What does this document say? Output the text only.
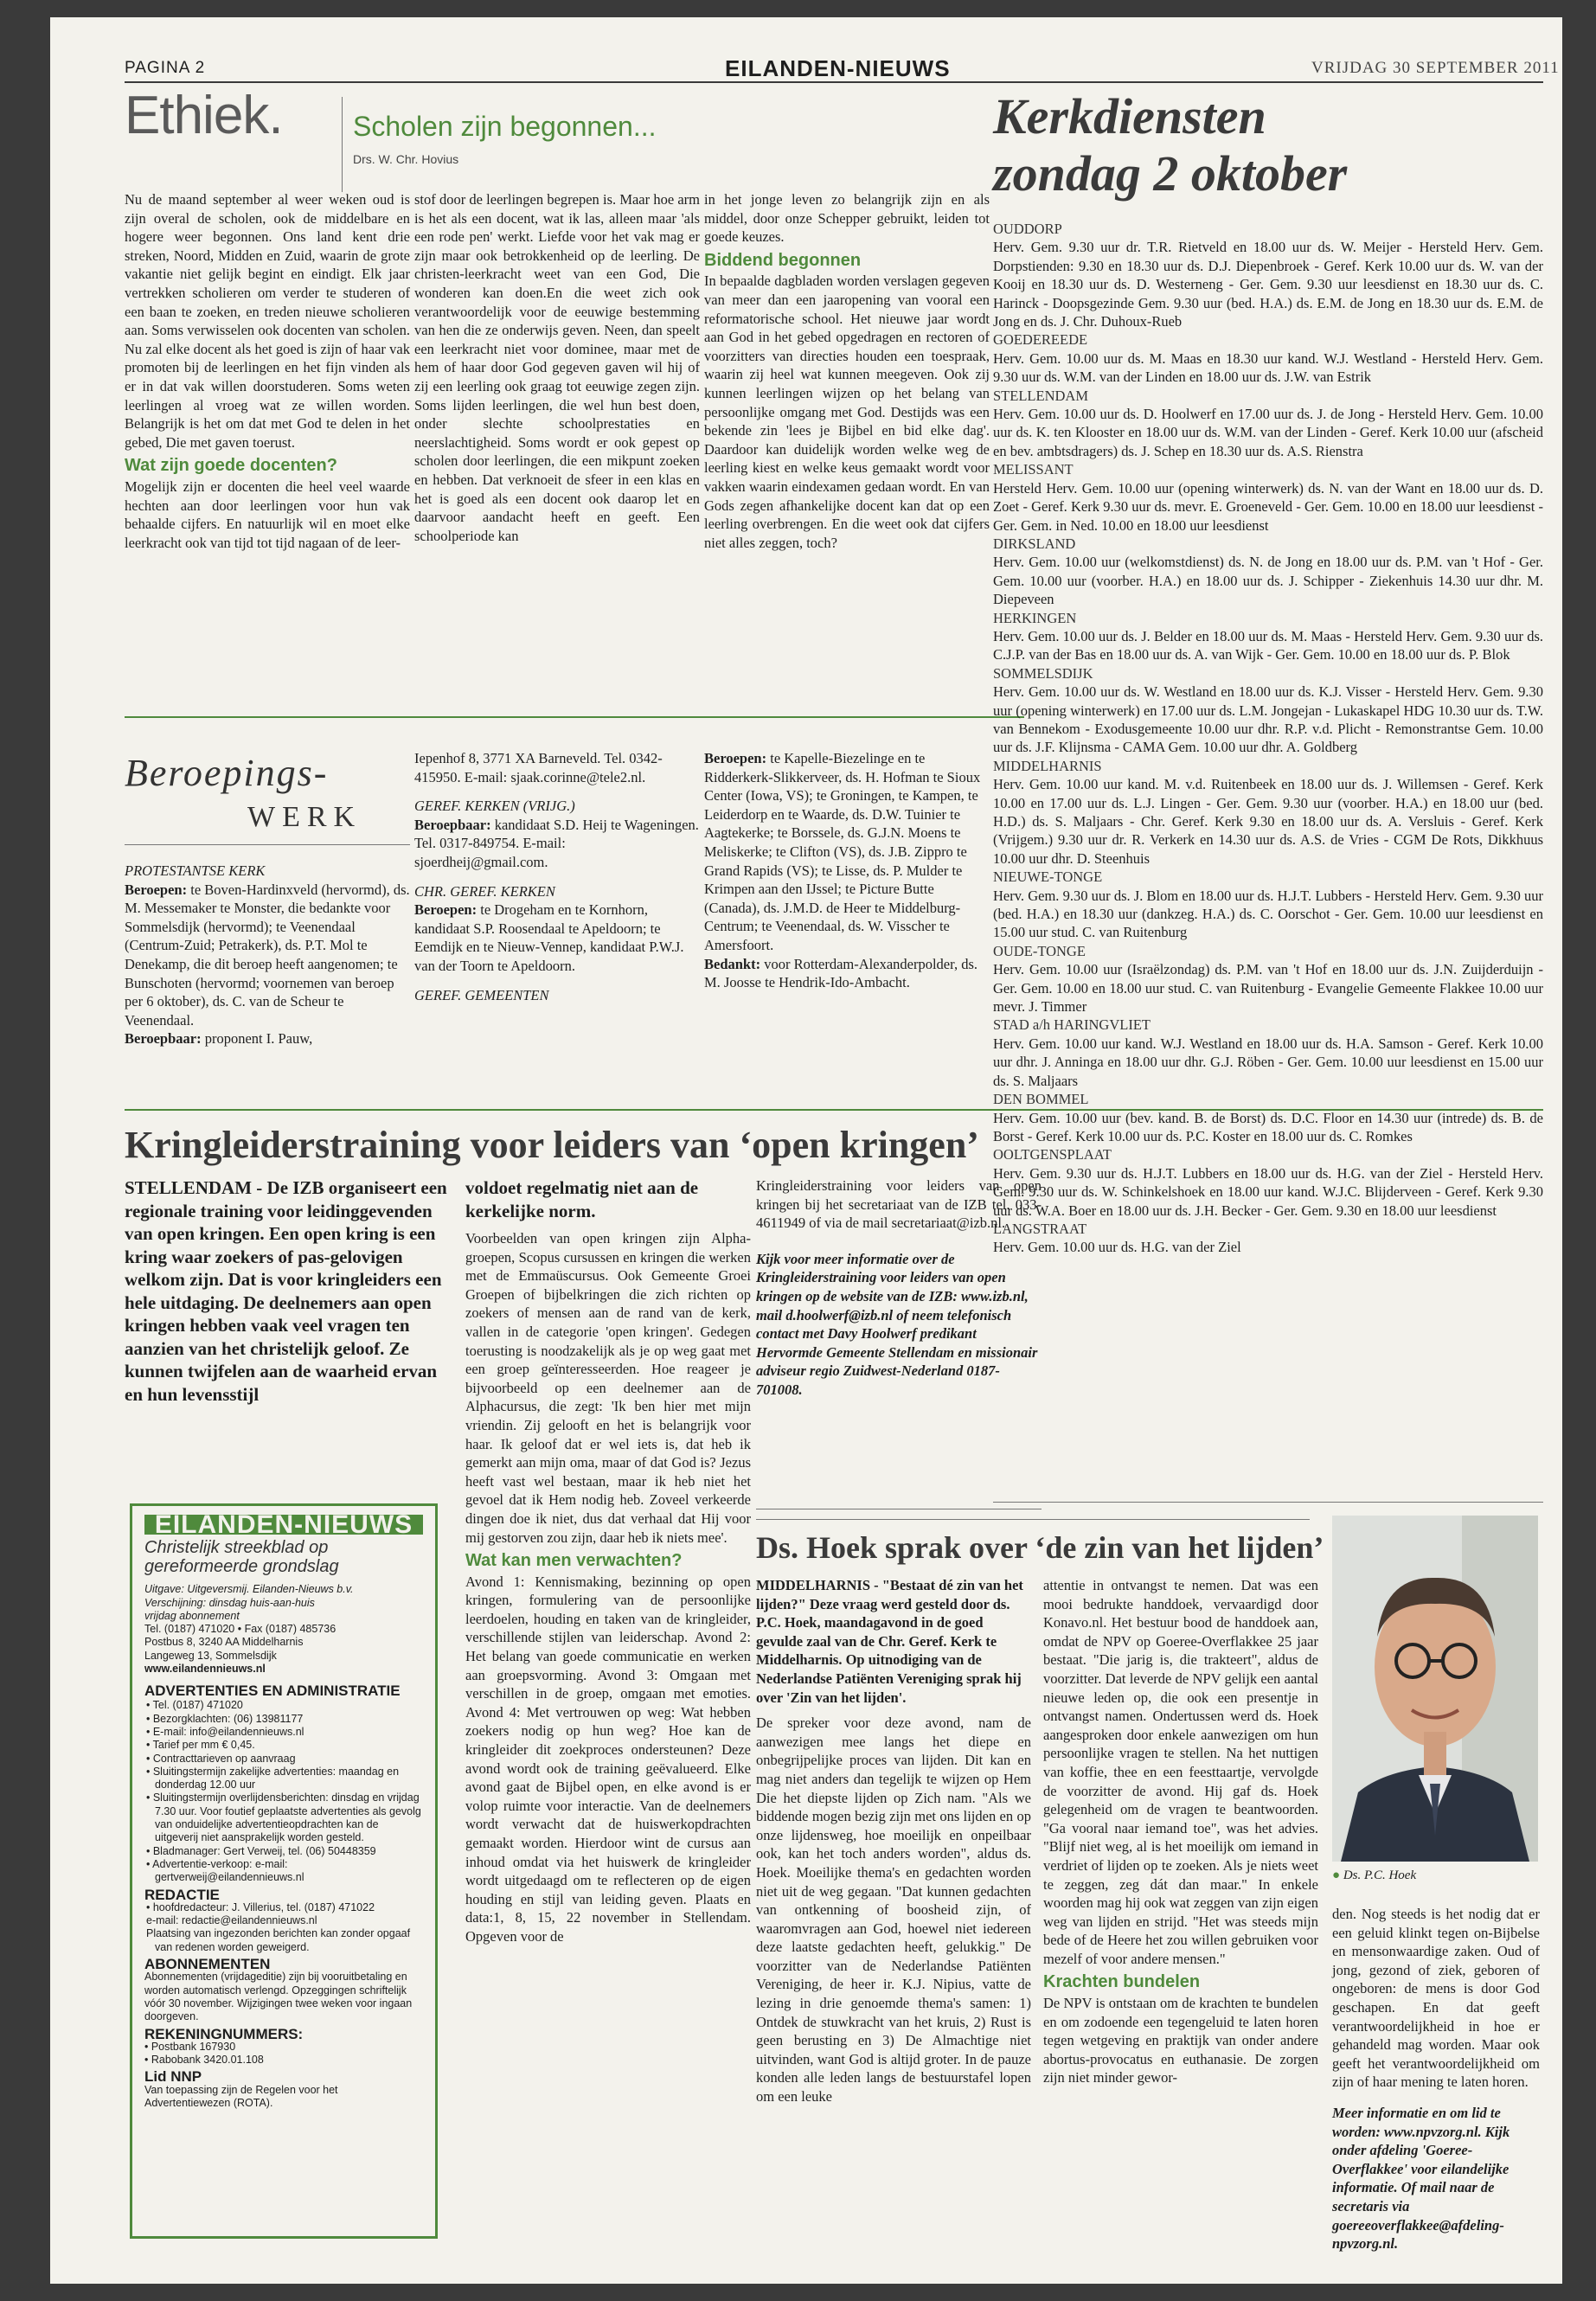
PAGINA 2	EILANDEN-NIEUWS	VRIJDAG 30 SEPTEMBER 2011
Ethiek.	Scholen zijn begonnen...
Drs. W. Chr. Hovius

Nu de maand september al weer weken oud is zijn overal de scholen, ook de middelbare en hogere weer begonnen. Ons land kent drie streken, Noord, Midden en Zuid, waarin de grote vakantie niet gelijk begint en eindigt. Elk jaar vertrekken scholieren om verder te studeren of een baan te zoeken, en treden nieuwe scholieren aan. Soms verwisselen ook docenten van scholen. Nu zal elke docent als het goed is zijn of haar vak promoten bij de leerlingen en het fijn vinden als er in dat vak willen doorstuderen. Soms weten leerlingen al vroeg wat ze willen worden. Belangrijk is het om dat met God te delen in het gebed, Die met gaven toerust.

Wat zijn goede docenten?

Mogelijk zijn er docenten die heel veel waarde hechten aan door leerlingen voor hun vak behaalde cijfers. En natuurlijk wil en moet elke leerkracht ook van tijd tot tijd nagaan of de leer-

stof door de leerlingen begrepen is. Maar hoe arm is het als een docent, wat ik las, alleen maar 'als een rode pen' werkt. Liefde voor het vak mag er zijn maar ook betrokkenheid op de leerling. De christen-leerkracht weet van een God, Die wonderen kan doen.En die weet zich ook verantwoordelijk voor de eeuwige bestemming van hen die ze onderwijs geven. Neen, dan speelt een leerkracht niet voor dominee, maar met de hem of haar door God gegeven gaven wil hij of zij een leerling ook graag tot eeuwige zegen zijn. Soms lijden leerlingen, die wel hun best doen, onder slechte schoolprestaties en neerslachtigheid. Soms wordt er ook gepest op scholen door leerlingen, die een mikpunt zoeken en hebben. Dat verknoeit de sfeer in een klas en het is goed als een docent ook daarop let en daarvoor aandacht heeft en geeft. Een schoolperiode kan

in het jonge leven zo belangrijk zijn en als middel, door onze Schepper gebruikt, leiden tot goede keuzes.

Biddend begonnen

In bepaalde dagbladen worden verslagen gegeven van meer dan een jaaropening van vooral een reformatorische school. Het nieuwe jaar wordt aan God in het gebed opgedragen en rectoren of voorzitters van directies houden een toespraak, waarin zij heel wat kunnen meegeven. Ook zij kunnen leerlingen wijzen op het belang van persoonlijke omgang met God. Destijds was een bekende zin 'lees je Bijbel en bid elke dag'. Daardoor kan duidelijk worden welke weg de leerling kiest en welke keus gemaakt wordt voor vakken waarin eindexamen gedaan wordt. En van Gods zegen afhankelijke docent kan dat op een leerling overbrengen. En die weet ook dat cijfers niet alles zeggen, toch?

Beroepings-
WERK
PROTESTANTSE KERK
Beroepen: te Boven-Hardinxveld (hervormd), ds. M. Messemaker te Monster, die bedankte voor Sommelsdijk (hervormd); te Veenendaal (Centrum-Zuid; Petrakerk), ds. P.T. Mol te Denekamp, die dit beroep heeft aangenomen; te Bunschoten (hervormd; voornemen van beroep per 6 oktober), ds. C. van de Scheur te Veenendaal.
Beroepbaar: proponent I. Pauw,
Iepenhof 8, 3771 XA Barneveld. Tel. 0342-415950. E-mail: sjaak.corinne@tele2.nl.
GEREF. KERKEN (VRIJG.)
Beroepbaar: kandidaat S.D. Heij te Wageningen. Tel. 0317-849754. E-mail: sjoerdheij@gmail.com.
CHR. GEREF. KERKEN
Beroepen: te Drogeham en te Kornhorn, kandidaat S.P. Roosendaal te Apeldoorn; te Eemdijk en te Nieuw-Vennep, kandidaat P.W.J. van der Toorn te Apeldoorn.
GEREF. GEMEENTEN
Beroepen: te Kapelle-Biezelinge en te Ridderkerk-Slikkerveer, ds. H. Hofman te Sioux Center (Iowa, VS); te Groningen, te Kampen, te Leiderdorp en te Waarde, ds. D.W. Tuinier te Aagtekerke; te Borssele, ds. G.J.N. Moens te Meliskerke; te Clifton (VS), ds. J.B. Zippro te Grand Rapids (VS); te Lisse, ds. P. Mulder te Krimpen aan den IJssel; te Picture Butte (Canada), ds. J.M.D. de Heer te Middelburg-Centrum; te Veenendaal, ds. W. Visscher te Amersfoort.
Bedankt: voor Rotterdam-Alexanderpolder, ds. M. Joosse te Hendrik-Ido-Ambacht.
Kerkdiensten
zondag 2 oktober
OUDDORP
Herv. Gem. 9.30 uur dr. T.R. Rietveld en 18.00 uur ds. W. Meijer - Hersteld Herv. Gem. Dorpstienden: 9.30 en 18.30 uur ds. D.J. Diepenbroek - Geref. Kerk 10.00 uur ds. W. van der Kooij en 18.30 uur ds. D. Westerneng - Ger. Gem. 9.30 uur leesdienst en 18.30 uur ds. C. Harinck - Doopsgezinde Gem. 9.30 uur (bed. H.A.) ds. E.M. de Jong en 18.30 uur ds. E.M. de Jong en ds. J. Chr. Duhoux-Rueb
GOEDEREEDE
Herv. Gem. 10.00 uur ds. M. Maas en 18.30 uur kand. W.J. Westland - Hersteld Herv. Gem. 9.30 uur ds. W.M. van der Linden en 18.00 uur ds. J.W. van Estrik
STELLENDAM
Herv. Gem. 10.00 uur ds. D. Hoolwerf en 17.00 uur ds. J. de Jong - Hersteld Herv. Gem. 10.00 uur ds. K. ten Klooster en 18.00 uur ds. W.M. van der Linden - Geref. Kerk 10.00 uur (afscheid en bev. ambtsdragers) ds. J. Schep en 18.30 uur ds. A.S. Rienstra
MELISSANT
Hersteld Herv. Gem. 10.00 uur (opening winterwerk) ds. N. van der Want en 18.00 uur ds. D. Zoet - Geref. Kerk 9.30 uur ds. mevr. E. Groeneveld - Ger. Gem. 10.00 en 18.00 uur leesdienst - Ger. Gem. in Ned. 10.00 en 18.00 uur leesdienst
DIRKSLAND
Herv. Gem. 10.00 uur (welkomstdienst) ds. N. de Jong en 18.00 uur ds. P.M. van 't Hof - Ger. Gem. 10.00 uur (voorber. H.A.) en 18.00 uur ds. J. Schipper - Ziekenhuis 14.30 uur dhr. M. Diepeveen
HERKINGEN
Herv. Gem. 10.00 uur ds. J. Belder en 18.00 uur ds. M. Maas - Hersteld Herv. Gem. 9.30 uur ds. C.J.P. van der Bas en 18.00 uur ds. A. van Wijk - Ger. Gem. 10.00 en 18.00 uur ds. P. Blok
SOMMELSDIJK
Herv. Gem. 10.00 uur ds. W. Westland en 18.00 uur ds. K.J. Visser - Hersteld Herv. Gem. 9.30 uur (opening winterwerk) en 17.00 uur ds. L.M. Jongejan - Lukaskapel HDG 10.30 uur ds. T.W. van Bennekom - Exodusgemeente 10.00 uur dhr. R.P. v.d. Plicht - Remonstrantse Gem. 10.00 uur ds. J.F. Klijnsma - CAMA Gem. 10.00 uur dhr. A. Goldberg
MIDDELHARNIS
Herv. Gem. 10.00 uur kand. M. v.d. Ruitenbeek en 18.00 uur ds. J. Willemsen - Geref. Kerk 10.00 en 17.00 uur ds. L.J. Lingen - Ger. Gem. 9.30 uur (voorber. H.A.) en 18.00 uur (bed. H.D.) ds. S. Maljaars - Chr. Geref. Kerk 9.30 en 18.00 uur ds. A. Versluis - Geref. Kerk (Vrijgem.) 9.30 uur dr. R. Verkerk en 14.30 uur ds. A.S. de Vries - CGM De Rots, Dikkhuus 10.00 uur dhr. D. Steenhuis
NIEUWE-TONGE
Herv. Gem. 9.30 uur ds. J. Blom en 18.00 uur ds. H.J.T. Lubbers - Hersteld Herv. Gem. 9.30 uur (bed. H.A.) en 18.30 uur (dankzeg. H.A.) ds. C. Oorschot - Ger. Gem. 10.00 uur leesdienst en 15.00 uur stud. C. van Ruitenburg
OUDE-TONGE
Herv. Gem. 10.00 uur (Israëlzondag) ds. P.M. van 't Hof en 18.00 uur ds. J.N. Zuijderduijn - Ger. Gem. 10.00 en 18.00 uur stud. C. van Ruitenburg - Evangelie Gemeente Flakkee 10.00 uur mevr. J. Timmer
STAD a/h HARINGVLIET
Herv. Gem. 10.00 uur kand. W.J. Westland en 18.00 uur ds. H.A. Samson - Geref. Kerk 10.00 uur dhr. J. Anninga en 18.00 uur dhr. G.J. Röben - Ger. Gem. 10.00 uur leesdienst en 15.00 uur ds. S. Maljaars
DEN BOMMEL
Herv. Gem. 10.00 uur (bev. kand. B. de Borst) ds. D.C. Floor en 14.30 uur (intrede) ds. B. de Borst - Geref. Kerk 10.00 uur ds. P.C. Koster en 18.00 uur ds. C. Romkes
OOLTGENSPLAAT
Herv. Gem. 9.30 uur ds. H.J.T. Lubbers en 18.00 uur ds. H.G. van der Ziel - Hersteld Herv. Gem. 9.30 uur ds. W. Schinkelshoek en 18.00 uur kand. W.J.C. Blijderveen - Geref. Kerk 9.30 uur ds. W.A. Boer en 18.00 uur ds. J.H. Becker - Ger. Gem. 9.30 en 18.00 uur leesdienst
LANGSTRAAT
Herv. Gem. 10.00 uur ds. H.G. van der Ziel
Kringleiderstraining voor leiders van ‘open kringen’
STELLENDAM - De IZB organiseert een regionale training voor leidinggevenden van open kringen. Een open kring is een kring waar zoekers of pas-gelovigen welkom zijn. Dat is voor kringleiders een hele uitdaging. De deelnemers aan open kringen hebben vaak veel vragen ten aanzien van het christelijk geloof. Ze kunnen twijfelen aan de waarheid ervan en hun levensstijl

voldoet regelmatig niet aan de kerkelijke norm.

Voorbeelden van open kringen zijn Alpha-groepen, Scopus cursussen en kringen die werken met de Emmaüscursus. Ook Gemeente Groei Groepen of bijbelkringen die zich richten op zoekers of mensen aan de rand van de kerk, vallen in de categorie 'open kringen'. Gedegen toerusting is noodzakelijk als je op weg gaat met een groep geïnteresseerden. Hoe reageer je bijvoorbeeld op een deelnemer aan de Alphacursus, die zegt: 'Ik ben hier met mijn vriendin. Zij gelooft en het is belangrijk voor haar. Ik geloof dat er wel iets is, dat heb ik gemerkt aan mijn oma, maar of dat God is? Jezus heeft vast wel bestaan, maar ik heb niet het gevoel dat ik Hem nodig heb. Zoveel verkeerde dingen doe ik niet, dus dat verhaal dat Hij voor mij gestorven zou zijn, daar heb ik niets mee'.

Wat kan men verwachten?

Avond 1: Kennismaking, bezinning op open kringen, formulering van de persoonlijke leerdoelen, houding en taken van de kringleider, verschillende stijlen van leiderschap. Avond 2: Het belang van goede communicatie en werken aan groepsvorming. Avond 3: Omgaan met verschillen in de groep, omgaan met emoties. Avond 4: Met vertrouwen op weg: Wat hebben zoekers nodig op hun weg? Hoe kan de kringleider dit zoekproces ondersteunen? Deze avond wordt ook de training geëvalueerd. Elke avond gaat de Bijbel open, en elke avond is er volop ruimte voor interactie. Van de deelnemers wordt verwacht dat de huiswerkopdrachten gemaakt worden. Hierdoor wint de cursus aan inhoud omdat via het huiswerk de kringleider wordt uitgedaagd om te reflecteren op de eigen houding en stijl van leiding geven. Plaats en data:1, 8, 15, 22 november in Stellendam. Opgeven voor de

Kringleiderstraining voor leiders van open kringen bij het secretariaat van de IZB tel. 033-4611949 of via de mail secretariaat@izb.nl.

Kijk voor meer informatie over de Kringleiderstraining voor leiders van open kringen op de website van de IZB: www.izb.nl, mail d.hoolwerf@izb.nl of neem telefonisch contact met Davy Hoolwerf predikant Hervormde Gemeente Stellendam en missionair adviseur regio Zuidwest-Nederland 0187-701008.

EILANDEN-NIEUWS
Christelijk streekblad op
gereformeerde grondslag
Uitgave: Uitgeversmij. Eilanden-Nieuws b.v.
Verschijning: dinsdag huis-aan-huis
vrijdag abonnement
Tel. (0187) 471020 • Fax (0187) 485736
Postbus 8, 3240 AA Middelharnis
Langeweg 13, Sommelsdijk
www.eilandennieuws.nl
ADVERTENTIES EN ADMINISTRATIE
• Tel. (0187) 471020
• Bezorgklachten: (06) 13981177
• E-mail: info@eilandennieuws.nl
• Tarief per mm € 0,45.
• Contracttarieven op aanvraag
• Sluitingstermijn zakelijke advertenties: maandag en donderdag 12.00 uur
• Sluitingstermijn overlijdensberichten: dinsdag en vrijdag 7.30 uur. Voor foutief geplaatste advertenties als gevolg van onduidelijke advertentieopdrachten kan de uitgeverij niet aansprakelijk worden gesteld.
• Bladmanager: Gert Verweij, tel. (06) 50448359
• Advertentie-verkoop: e-mail: gertverweij@eilandennieuws.nl
REDACTIE
• hoofdredacteur: J. Villerius, tel. (0187) 471022
e-mail: redactie@eilandennieuws.nl
Plaatsing van ingezonden berichten kan zonder opgaaf van redenen worden geweigerd.
ABONNEMENTEN
Abonnementen (vrijdageditie) zijn bij vooruitbetaling en worden automatisch verlengd. Opzeggingen schriftelijk vóór 30 november. Wijzigingen twee weken voor ingaan doorgeven.
REKENINGNUMMERS:
• Postbank 167930
• Rabobank 3420.01.108
Lid NNP
Van toepassing zijn de Regelen voor het Advertentiewezen (ROTA).
Ds. Hoek sprak over ‘de zin van het lijden’

MIDDELHARNIS - "Bestaat dé zin van het lijden?" Deze vraag werd gesteld door ds. P.C. Hoek, maandagavond in de goed gevulde zaal van de Chr. Geref. Kerk te Middelharnis. Op uitnodiging van de Nederlandse Patiënten Vereniging sprak hij over 'Zin van het lijden'.

De spreker voor deze avond, nam de aanwezigen mee langs het diepe en onbegrijpelijke proces van lijden. Dit kan en mag niet anders dan tegelijk te wijzen op Hem Die het diepste lijden op Zich nam. "Als we biddende mogen bezig zijn met ons lijden en op onze lijdensweg, hoe moeilijk en onpeilbaar ook, kan het toch anders worden", aldus ds. Hoek. Moeilijke thema's en gedachten worden niet uit de weg gegaan. "Dat kunnen gedachten van ontkenning of boosheid zijn, of waaromvragen aan God, hoewel niet iedereen deze laatste gedachten heeft, gelukkig." De voorzitter van de Nederlandse Patiënten Vereniging, de heer ir. K.J. Nipius, vatte de lezing in drie genoemde thema's samen: 1) Ontdek de stuwkracht van het kruis, 2) Rust is geen berusting en 3) De Almachtige niet uitvinden, want God is altijd groter. In de pauze konden alle leden langs de bestuurstafel lopen om een leuke

attentie in ontvangst te nemen. Dat was een mooi bedrukte handdoek, vervaardigd door Konavo.nl. Het bestuur bood de handdoek aan, omdat de NPV op Goeree-Overflakkee 25 jaar bestaat. "Die jarig is, die trakteert", aldus de voorzitter. Dat leverde de NPV gelijk een aantal nieuwe leden op, die ook een presentje in ontvangst namen. Ondertussen werd ds. Hoek aangesproken door enkele aanwezigen om hun persoonlijke vragen te stellen. Na het nuttigen van koffie, thee en een feesttaartje, vervolgde de voorzitter de avond. Hij gaf ds. Hoek gelegenheid om de vragen te beantwoorden. "Ga vooral naar iemand toe", was het advies. "Blijf niet weg, al is het moeilijk om iemand in verdriet of lijden op te zoeken. Als je niets weet te zeggen, zeg dát dan maar." In enkele woorden mag hij ook wat zeggen van zijn eigen weg van lijden en strijd. "Het was steeds mijn bede of de Heere het zou willen gebruiken voor mezelf of voor andere mensen."

Krachten bundelen

De NPV is ontstaan om de krachten te bundelen en om zodoende een tegengeluid te laten horen tegen wetgeving en praktijk van onder andere abortus-provocatus en euthanasie. De zorgen zijn niet minder gewor-

● Ds. P.C. Hoek

den. Nog steeds is het nodig dat er een geluid klinkt tegen on-Bijbelse en mensonwaardige zaken. Oud of jong, gezond of ziek, geboren of ongeboren: de mens is door God geschapen. En dat geeft verantwoordelijkheid in hoe er gehandeld mag worden. Maar ook geeft het verantwoordelijkheid om zijn of haar mening te laten horen.

Meer informatie en om lid te worden: www.npvzorg.nl. Kijk onder afdeling 'Goeree-Overflakkee' voor eilandelijke informatie. Of mail naar de secretaris via goereeoverflakkee@afdeling-npvzorg.nl.
